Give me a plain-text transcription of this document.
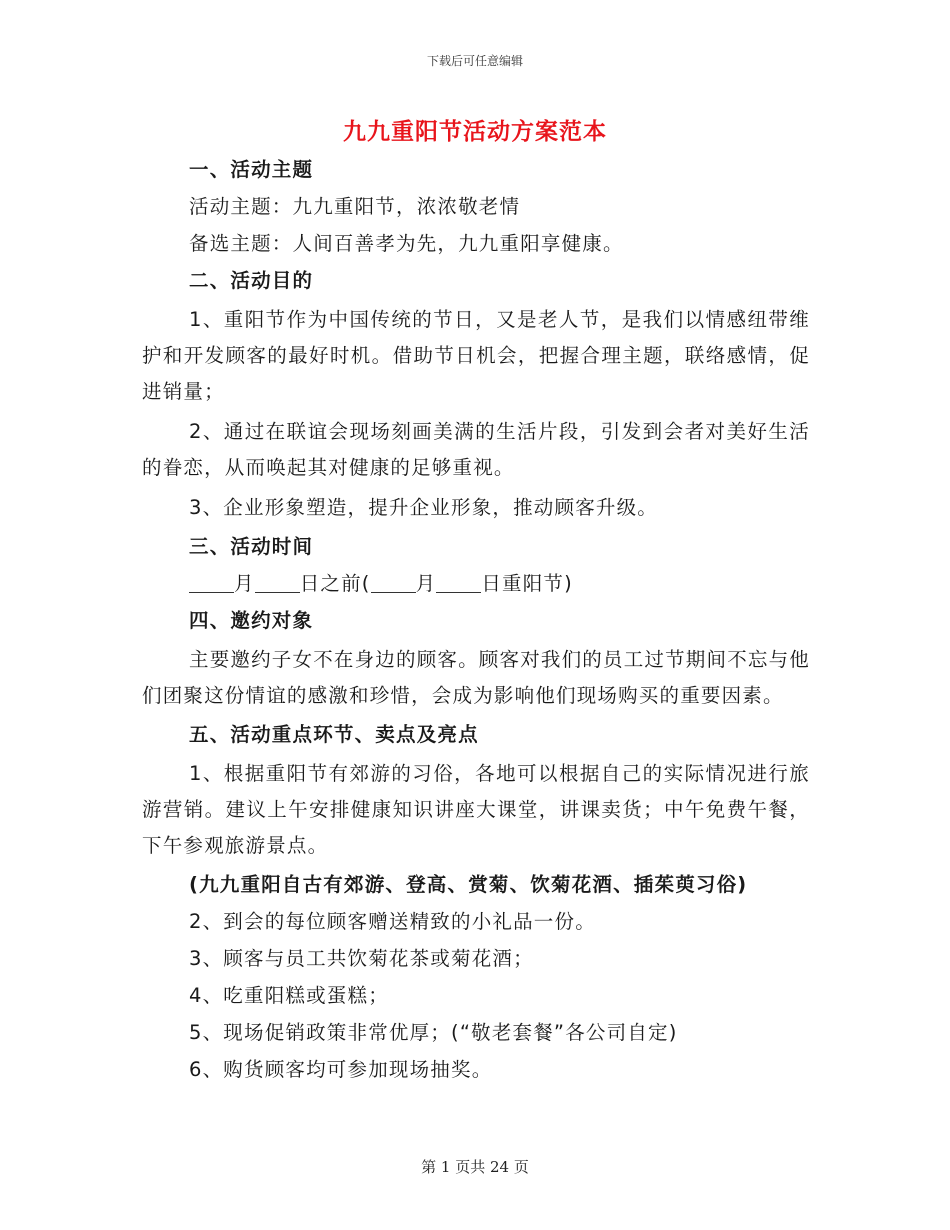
下载后可任意编辑
九九重阳节活动方案范本
一、活动主题
活动主题：九九重阳节，浓浓敬老情
备选主题：人间百善孝为先，九九重阳享健康。
二、活动目的
1、重阳节作为中国传统的节日，又是老人节，是我们以情感纽带维护和开发顾客的最好时机。借助节日机会，把握合理主题，联络感情，促进销量；
2、通过在联谊会现场刻画美满的生活片段，引发到会者对美好生活的眷恋，从而唤起其对健康的足够重视。
3、企业形象塑造，提升企业形象，推动顾客升级。
三、活动时间
月 日之前( 月 日重阳节)
四、邀约对象
主要邀约子女不在身边的顾客。顾客对我们的员工过节期间不忘与他们团聚这份情谊的感激和珍惜，会成为影响他们现场购买的重要因素。
五、活动重点环节、卖点及亮点
1、根据重阳节有郊游的习俗，各地可以根据自己的实际情况进行旅游营销。建议上午安排健康知识讲座大课堂，讲课卖货；中午免费午餐，下午参观旅游景点。
(九九重阳自古有郊游、登高、赏菊、饮菊花酒、插茱萸习俗)
2、到会的每位顾客赠送精致的小礼品一份。
3、顾客与员工共饮菊花茶或菊花酒；
4、吃重阳糕或蛋糕；
5、现场促销政策非常优厚；(“敬老套餐”各公司自定)
6、购货顾客均可参加现场抽奖。
第 1 页共 24 页
